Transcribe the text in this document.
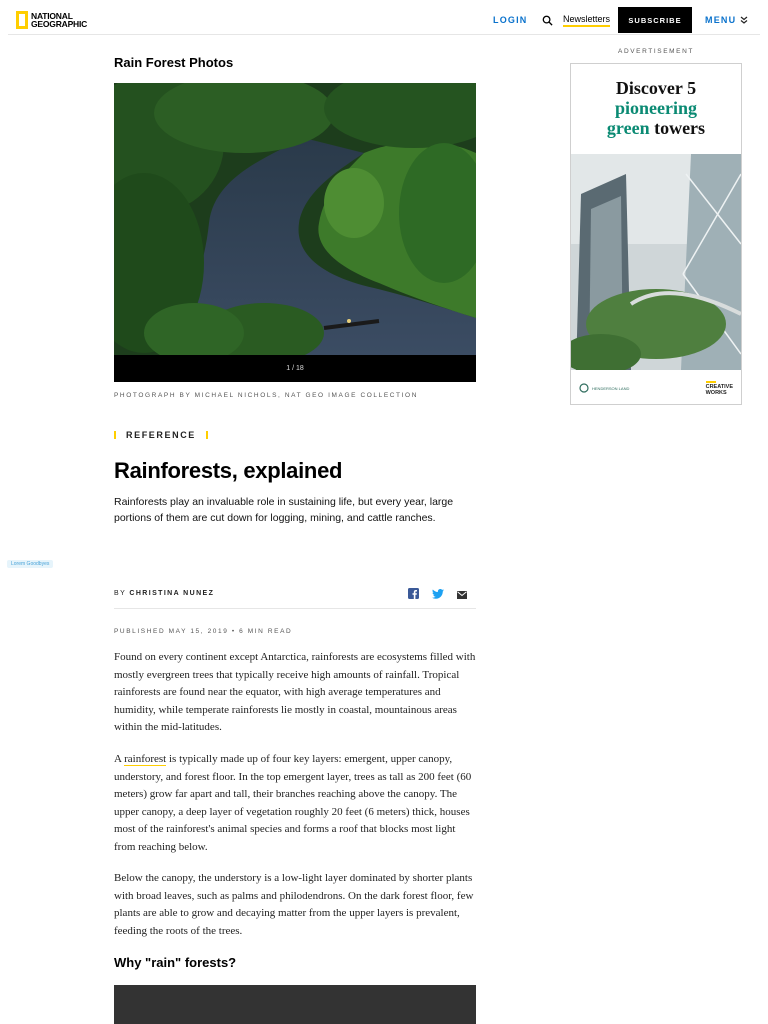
NATIONAL
GEOGRAPHIC	LOGIN	Newsletters	SUBSCRIBE	MENU
Rain Forest Photos
1 / 18
PHOTOGRAPH BY MICHAEL NICHOLS, NAT GEO IMAGE COLLECTION
REFERENCE
Rainforests, explained

Rainforests play an invaluable role in sustaining life, but every year, large portions of them are cut down for logging, mining, and cattle ranches.

Lorem Goodbyes
BY CHRISTINA NUNEZ
PUBLISHED MAY 15, 2019 • 6 MIN READ

Found on every continent except Antarctica, rainforests are ecosystems filled with mostly evergreen trees that typically receive high amounts of rainfall. Tropical rainforests are found near the equator, with high average temperatures and humidity, while temperate rainforests lie mostly in coastal, mountainous areas within the mid-latitudes.

A rainforest is typically made up of four key layers: emergent, upper canopy, understory, and forest floor. In the top emergent layer, trees as tall as 200 feet (60 meters) grow far apart and tall, their branches reaching above the canopy. The upper canopy, a deep layer of vegetation roughly 20 feet (6 meters) thick, houses most of the rainforest's animal species and forms a roof that blocks most light from reaching below.

Below the canopy, the understory is a low-light layer dominated by shorter plants with broad leaves, such as palms and philodendrons. On the dark forest floor, few plants are able to grow and decaying matter from the upper layers is prevalent, feeding the roots of the trees.

Why "rain" forests?
ADVERTISEMENT
Discover 5
pioneering
green towers
HENDERSON LAND	CREATIVE
WORKS
